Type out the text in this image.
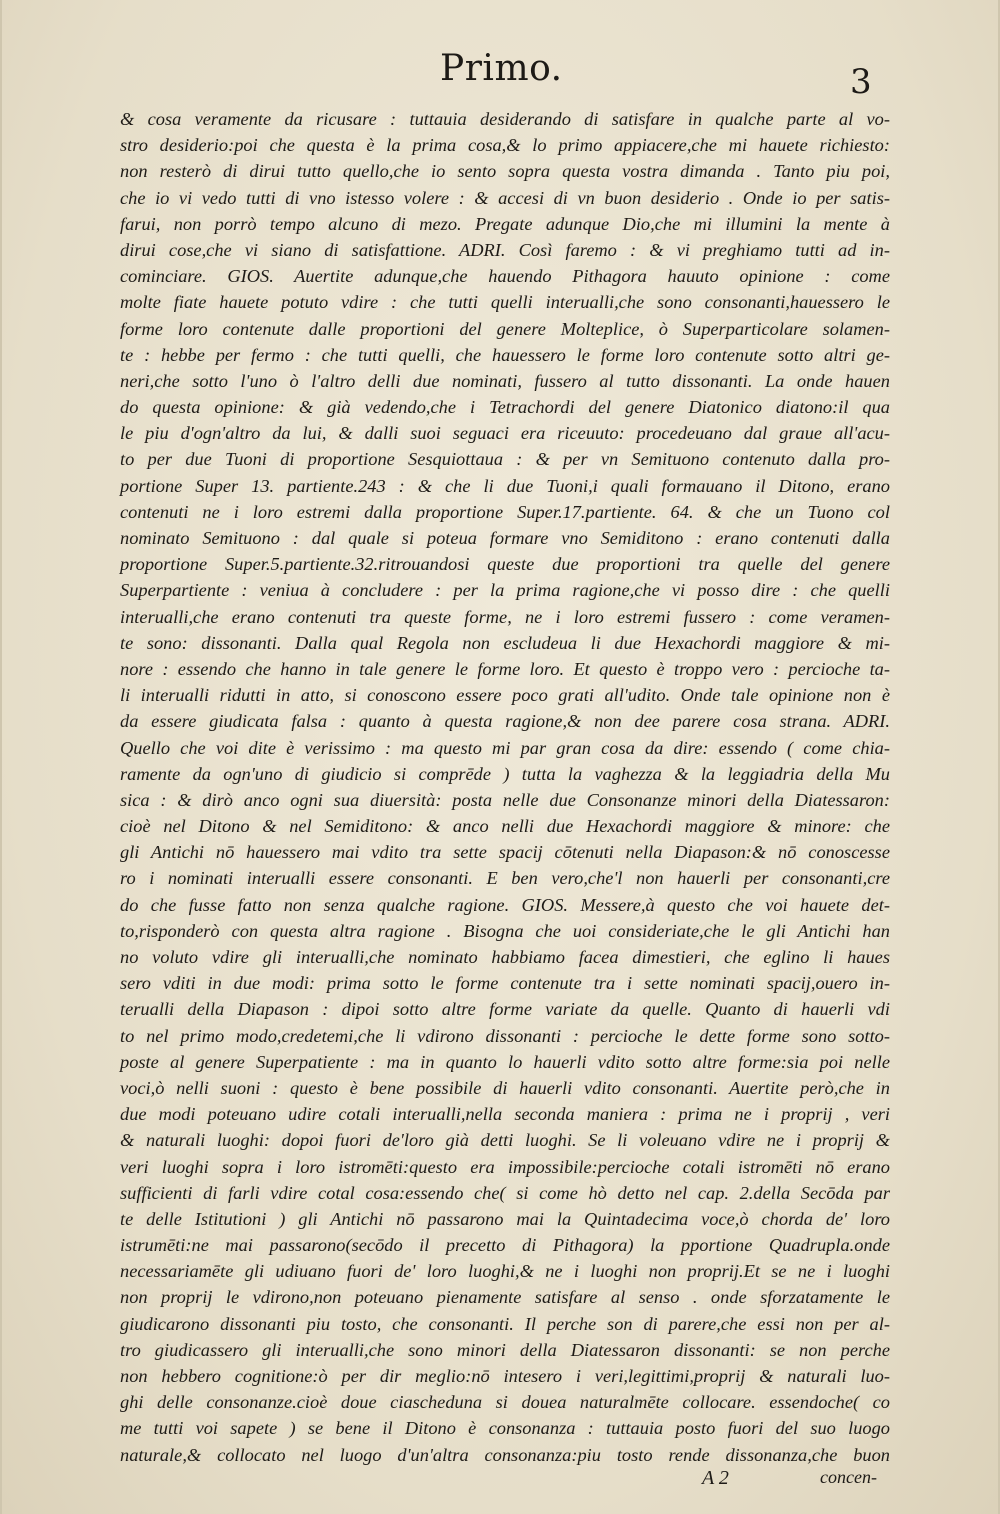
Primo.	3
& cosa veramente da ricusare : tuttauia desiderando di satisfare in qualche parte al vo-
stro desiderio:poi che questa è la prima cosa,& lo primo appiacere,che mi hauete richiesto:
non resterò di dirui tutto quello,che io sento sopra questa vostra dimanda . Tanto piu poi,
che io vi vedo tutti di vno istesso volere : & accesi di vn buon desiderio . Onde io per satis-
farui, non porrò tempo alcuno di mezo. Pregate adunque Dio,che mi illumini la mente à
dirui cose,che vi siano di satisfattione. ADRI. Così faremo : & vi preghiamo tutti ad in-
cominciare. GIOS. Auertite adunque,che hauendo Pithagora hauuto opinione : come
molte fiate hauete potuto vdire : che tutti quelli interualli,che sono consonanti,hauessero le
forme loro contenute dalle proportioni del genere Molteplice, ò Superparticolare solamen-
te : hebbe per fermo : che tutti quelli, che hauessero le forme loro contenute sotto altri ge-
neri,che sotto l'uno ò l'altro delli due nominati, fussero al tutto dissonanti. La onde hauen
do questa opinione: & già vedendo,che i Tetrachordi del genere Diatonico diatono:il qua
le piu d'ogn'altro da lui, & dalli suoi seguaci era riceuuto: procedeuano dal graue all'acu-
to per due Tuoni di proportione Sesquiottaua : & per vn Semituono contenuto dalla pro-
portione Super 13. partiente.243 : & che li due Tuoni,i quali formauano il Ditono, erano
contenuti ne i loro estremi dalla proportione Super.17.partiente. 64. & che un Tuono col
nominato Semituono : dal quale si poteua formare vno Semiditono : erano contenuti dalla
proportione Super.5.partiente.32.ritrouandosi queste due proportioni tra quelle del genere
Superpartiente : veniua à concludere : per la prima ragione,che vi posso dire : che quelli
interualli,che erano contenuti tra queste forme, ne i loro estremi fussero : come veramen-
te sono: dissonanti. Dalla qual Regola non escludeua li due Hexachordi maggiore & mi-
nore : essendo che hanno in tale genere le forme loro. Et questo è troppo vero : percioche ta-
li interualli ridutti in atto, si conoscono essere poco grati all'udito. Onde tale opinione non è
da essere giudicata falsa : quanto à questa ragione,& non dee parere cosa strana. ADRI.
Quello che voi dite è verissimo : ma questo mi par gran cosa da dire: essendo ( come chia-
ramente da ogn'uno di giudicio si comprēde ) tutta la vaghezza & la leggiadria della Mu
sica : & dirò anco ogni sua diuersità: posta nelle due Consonanze minori della Diatessaron:
cioè nel Ditono & nel Semiditono: & anco nelli due Hexachordi maggiore & minore: che
gli Antichi nō hauessero mai vdito tra sette spacij cōtenuti nella Diapason:& nō conoscesse
ro i nominati interualli essere consonanti. E ben vero,che'l non hauerli per consonanti,cre
do che fusse fatto non senza qualche ragione. GIOS. Messere,à questo che voi hauete det-
to,risponderò con questa altra ragione . Bisogna che uoi consideriate,che le gli Antichi han
no voluto vdire gli interualli,che nominato habbiamo facea dimestieri, che eglino li haues
sero vditi in due modi: prima sotto le forme contenute tra i sette nominati spacij,ouero in-
terualli della Diapason : dipoi sotto altre forme variate da quelle. Quanto di hauerli vdi
to nel primo modo,credetemi,che li vdirono dissonanti : percioche le dette forme sono sotto-
poste al genere Superpatiente : ma in quanto lo hauerli vdito sotto altre forme:sia poi nelle
voci,ò nelli suoni : questo è bene possibile di hauerli vdito consonanti. Auertite però,che in
due modi poteuano udire cotali interualli,nella seconda maniera : prima ne i proprij , veri
& naturali luoghi: dopoi fuori de'loro già detti luoghi. Se li voleuano vdire ne i proprij &
veri luoghi sopra i loro istromēti:questo era impossibile:percioche cotali istromēti nō erano
sufficienti di farli vdire cotal cosa:essendo che( si come hò detto nel cap. 2.della Secōda par
te delle Istitutioni ) gli Antichi nō passarono mai la Quintadecima voce,ò chorda de' loro
istrumēti:ne mai passarono(secōdo il precetto di Pithagora) la pportione Quadrupla.onde
necessariamēte gli udiuano fuori de' loro luoghi,& ne i luoghi non proprij.Et se ne i luoghi
non proprij le vdirono,non poteuano pienamente satisfare al senso . onde sforzatamente le
giudicarono dissonanti piu tosto, che consonanti. Il perche son di parere,che essi non per al-
tro giudicassero gli interualli,che sono minori della Diatessaron dissonanti: se non perche
non hebbero cognitione:ò per dir meglio:nō intesero i veri,legittimi,proprij & naturali luo-
ghi delle consonanze.cioè doue ciascheduna si doueа naturalmēte collocare. essendoche( co
me tutti voi sapete ) se bene il Ditono è consonanza : tuttauia posto fuori del suo luogo
naturale,& collocato nel luogo d'un'altra consonanza:piu tosto rende dissonanza,che buon
A 2	concen-
